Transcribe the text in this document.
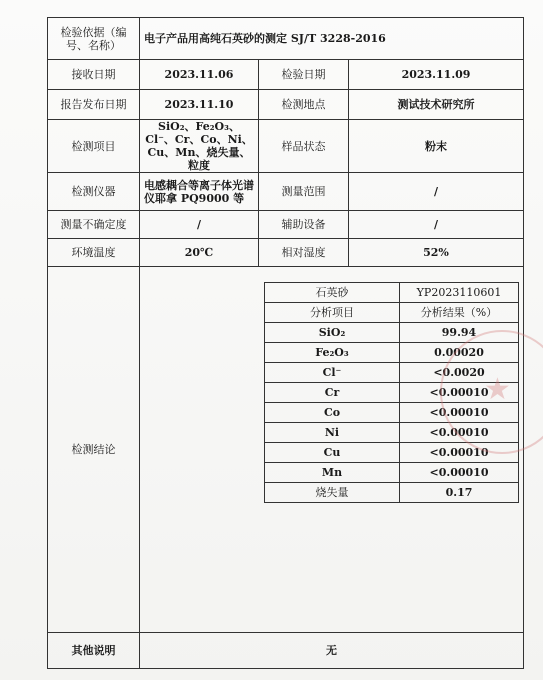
检验依据（编号、名称）	电子产品用高纯石英砂的测定 SJ/T 3228-2016
接收日期	2023.11.06	检验日期	2023.11.09
报告发布日期	2023.11.10	检测地点	测试技术研究所
检测项目	SiO₂、Fe₂O₃、Cl⁻、Cr、Co、Ni、Cu、Mn、烧失量、粒度	样品状态	粉末
检测仪器	电感耦合等离子体光谱仪耶拿 PQ9000 等	测量范围	/
测量不确定度	/	辅助设备	/
环境温度	20℃	相对湿度	52%
检测结论	
石英砂	YP2023110601
分析项目	分析结果（%）
SiO₂	99.94
Fe₂O₃	0.00020
Cl⁻	<0.0020
Cr	<0.00010
Co	<0.00010
Ni	<0.00010
Cu	<0.00010
Mn	<0.00010
烧失量	0.17

其他说明	无
★
